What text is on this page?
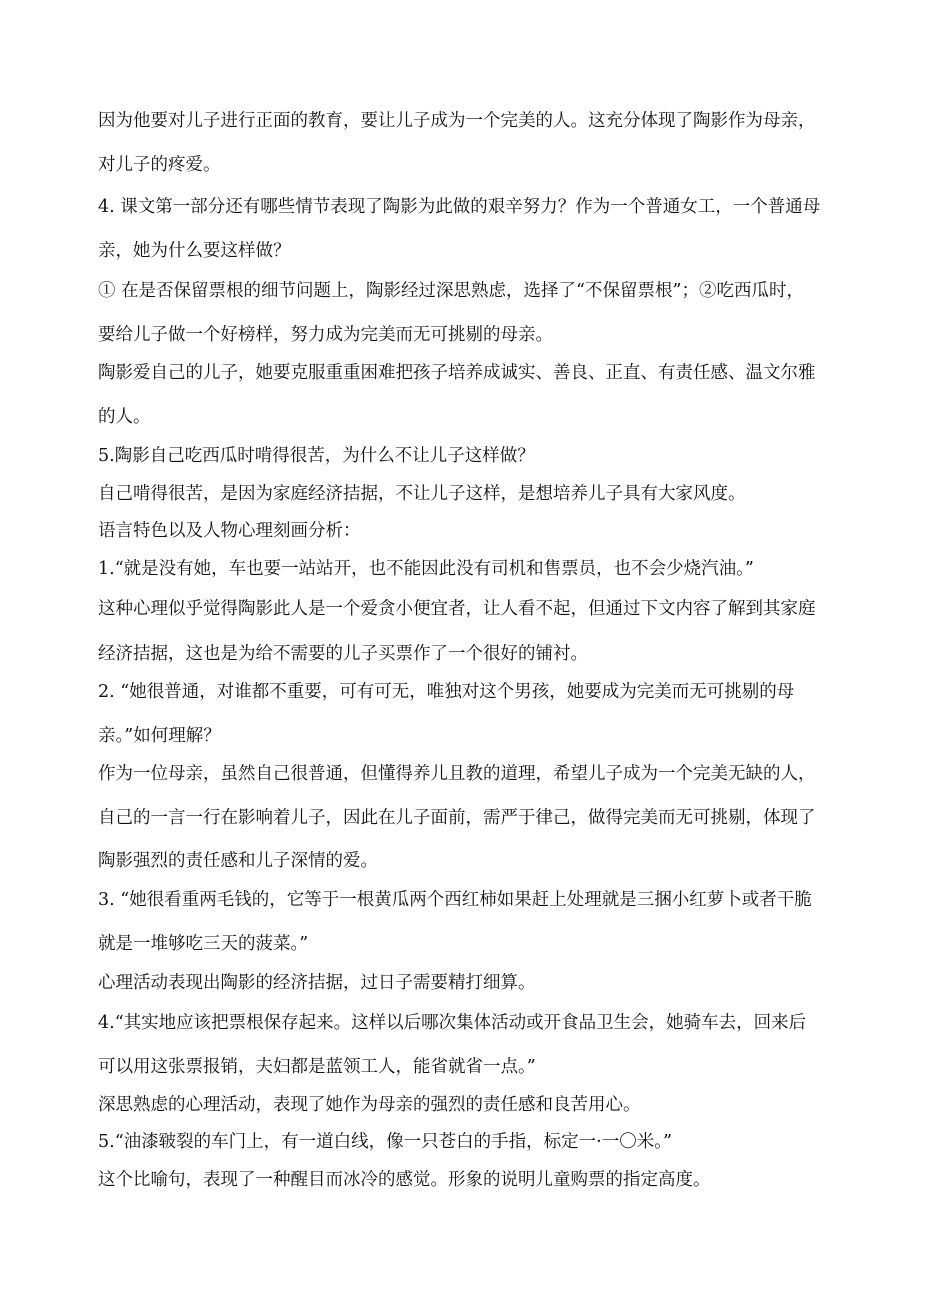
因为他要对儿子进行正面的教育，要让儿子成为一个完美的人。这充分体现了陶影作为母亲，
对儿子的疼爱。
4. 课文第一部分还有哪些情节表现了陶影为此做的艰辛努力？作为一个普通女工，一个普通母
亲，她为什么要这样做？
① 在是否保留票根的细节问题上，陶影经过深思熟虑，选择了“不保留票根”；②吃西瓜时，
要给儿子做一个好榜样，努力成为完美而无可挑剔的母亲。
陶影爱自己的儿子，她要克服重重困难把孩子培养成诚实、善良、正直、有责任感、温文尔雅
的人。
5.陶影自己吃西瓜时啃得很苦，为什么不让儿子这样做？
自己啃得很苦，是因为家庭经济拮据，不让儿子这样，是想培养儿子具有大家风度。
语言特色以及人物心理刻画分析：
1.“就是没有她，车也要一站站开，也不能因此没有司机和售票员，也不会少烧汽油。”
这种心理似乎觉得陶影此人是一个爱贪小便宜者，让人看不起，但通过下文内容了解到其家庭
经济拮据，这也是为给不需要的儿子买票作了一个很好的铺衬。
2. “她很普通，对谁都不重要，可有可无，唯独对这个男孩，她要成为完美而无可挑剔的母
亲。”如何理解？
作为一位母亲，虽然自己很普通，但懂得养儿且教的道理，希望儿子成为一个完美无缺的人，
自己的一言一行在影响着儿子，因此在儿子面前，需严于律己，做得完美而无可挑剔，体现了
陶影强烈的责任感和儿子深情的爱。
3. “她很看重两毛钱的，它等于一根黄瓜两个西红柿如果赶上处理就是三捆小红萝卜或者干脆
就是一堆够吃三天的菠菜。”
心理活动表现出陶影的经济拮据，过日子需要精打细算。
4.“其实地应该把票根保存起来。这样以后哪次集体活动或开食品卫生会，她骑车去，回来后
可以用这张票报销，夫妇都是蓝领工人，能省就省一点。”
深思熟虑的心理活动，表现了她作为母亲的强烈的责任感和良苦用心。
5.“油漆皲裂的车门上，有一道白线，像一只苍白的手指，标定一·一〇米。”
这个比喻句，表现了一种醒目而冰冷的感觉。形象的说明儿童购票的指定高度。
